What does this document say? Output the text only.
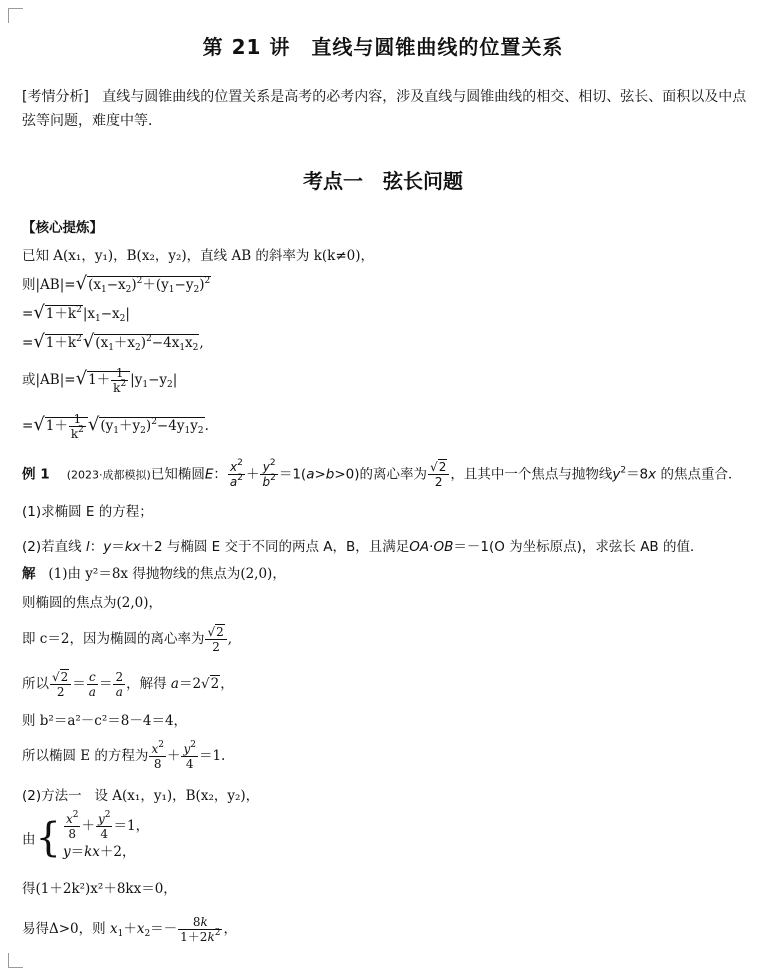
第 21 讲　直线与圆锥曲线的位置关系
[考情分析] 直线与圆锥曲线的位置关系是高考的必考内容，涉及直线与圆锥曲线的相交、相切、弦长、面积以及中点弦等问题，难度中等．
考点一　弦长问题
【核心提炼】
已知 A(x₁，y₁)，B(x₂，y₂)，直线 AB 的斜率为 k(k≠0)，
则$|AB|=√(x_1-x_2)^2+(y_1-y_2)^2$
$=√1+k^2|x_1-x_2|$
$=√1+k^2√(x_1+x_2)^2-4x_1x_2$,
或$|AB|=√1+ \frac{1}{k^2} |y_1-y_2|$
$=√1+ \frac{1}{k^2} √(y_1+y_2)^2-4y_1y_2$.
例 1 (2023·成都模拟)已知椭圆E： $\frac{x^2}{a^2} + \frac{y^2}{b^2} =1(a>b>0)$的离心率为 $\frac{√2}{2}$ ，且其中一个焦点与抛物线$y^2=8x$ 的焦点重合．
(1)求椭圆 E 的方程；
(2)若直线 l：y＝kx＋2 与椭圆 E 交于不同的两点 A，B，且满足OA·OB＝－1(O 为坐标原点)，求弦长 AB 的值．
解 (1)由 y²＝8x 得抛物线的焦点为(2,0)，
则椭圆的焦点为(2,0)，
即 c＝2，因为椭圆的离心率为 $\frac{√2}{2}$ ,
所以 $\frac{√2}{2} = \frac{c}{a} = \frac{2}{a}$ ，解得 a＝2√2，
则 b²＝a²－c²＝8－4＝4，
所以椭圆 E 的方程为 $\frac{x^2}{8} + \frac{y^2}{4} =1$.
(2)方法一 设 A(x₁，y₁)，B(x₂，y₂)，
由{ $\frac{x^2}{8} + \frac{y^2}{4} =1$，
y＝kx＋2，
得(1＋2k²)x²＋8kx＝0，
易得Δ>0，则 $x_1+x_2=- \frac{8k}{1+2k^2}$ ，
